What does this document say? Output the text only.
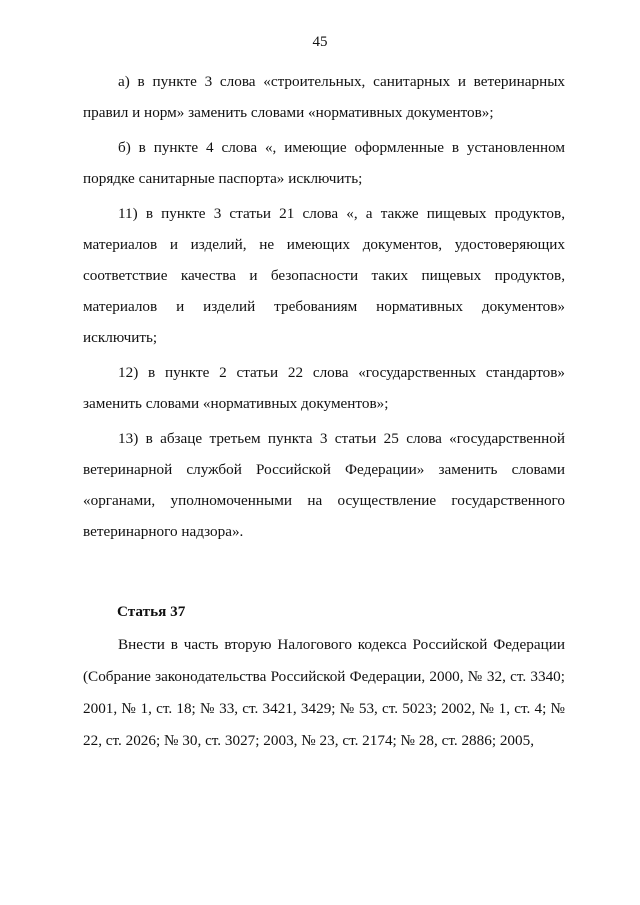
45

а) в пункте 3 слова «строительных, санитарных и ветеринарных правил и норм» заменить словами «нормативных документов»;

б) в пункте 4 слова «, имеющие оформленные в установленном порядке санитарные паспорта» исключить;

11) в пункте 3 статьи 21 слова «, а также пищевых продуктов, материалов и изделий, не имеющих документов, удостоверяющих соответствие качества и безопасности таких пищевых продуктов, материалов и изделий требованиям нормативных документов» исключить;

12) в пункте 2 статьи 22 слова «государственных стандартов» заменить словами «нормативных документов»;

13) в абзаце третьем пункта 3 статьи 25 слова «государственной ветеринарной службой Российской Федерации» заменить словами «органами, уполномоченными на осуществление государственного ветеринарного надзора».

Статья 37

Внести в часть вторую Налогового кодекса Российской Федерации (Собрание законодательства Российской Федерации, 2000, № 32, ст. 3340; 2001, № 1, ст. 18; № 33, ст. 3421, 3429; № 53, ст. 5023; 2002, № 1, ст. 4; № 22, ст. 2026; № 30, ст. 3027; 2003, № 23, ст. 2174; № 28, ст. 2886; 2005,
